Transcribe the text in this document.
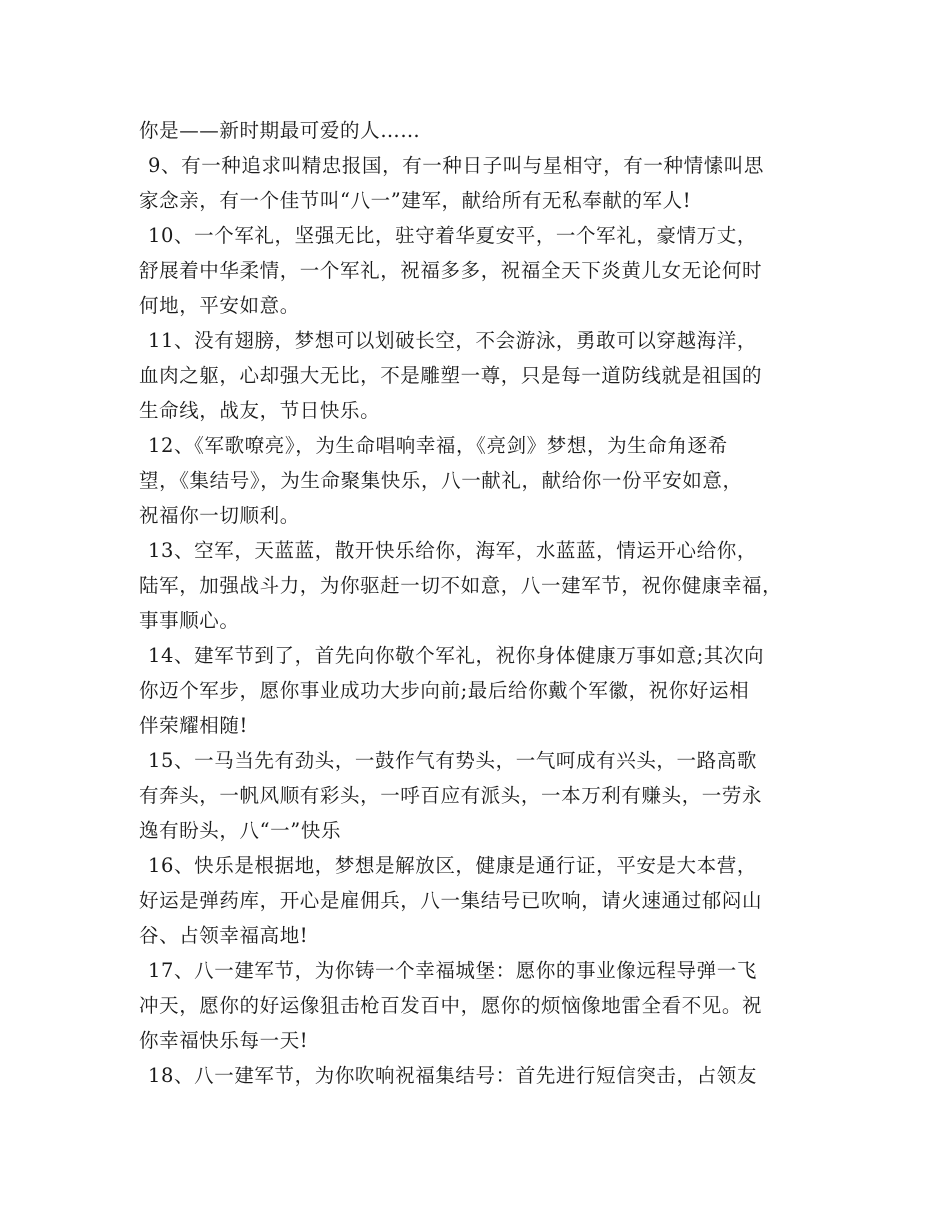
你是——新时期最可爱的人……
9、有一种追求叫精忠报国，有一种日子叫与星相守，有一种情愫叫思
家念亲，有一个佳节叫“八一”建军，献给所有无私奉献的军人!
10、一个军礼，坚强无比，驻守着华夏安平，一个军礼，豪情万丈，
舒展着中华柔情，一个军礼，祝福多多，祝福全天下炎黄儿女无论何时
何地，平安如意。
11、没有翅膀，梦想可以划破长空，不会游泳，勇敢可以穿越海洋，
血肉之躯，心却强大无比，不是雕塑一尊，只是每一道防线就是祖国的
生命线，战友，节日快乐。
12、《军歌嘹亮》，为生命唱响幸福，《亮剑》梦想，为生命角逐希
望，《集结号》，为生命聚集快乐，八一献礼，献给你一份平安如意，
祝福你一切顺利。
13、空军，天蓝蓝，散开快乐给你，海军，水蓝蓝，情运开心给你，
陆军，加强战斗力，为你驱赶一切不如意，八一建军节，祝你健康幸福，
事事顺心。
14、建军节到了，首先向你敬个军礼，祝你身体健康万事如意;其次向
你迈个军步，愿你事业成功大步向前;最后给你戴个军徽，祝你好运相
伴荣耀相随!
15、一马当先有劲头，一鼓作气有势头，一气呵成有兴头，一路高歌
有奔头，一帆风顺有彩头，一呼百应有派头，一本万利有赚头，一劳永
逸有盼头，八“一”快乐
16、快乐是根据地，梦想是解放区，健康是通行证，平安是大本营，
好运是弹药库，开心是雇佣兵，八一集结号已吹响，请火速通过郁闷山
谷、占领幸福高地!
17、八一建军节，为你铸一个幸福城堡：愿你的事业像远程导弹一飞
冲天，愿你的好运像狙击枪百发百中，愿你的烦恼像地雷全看不见。祝
你幸福快乐每一天!
18、八一建军节，为你吹响祝福集结号：首先进行短信突击，占领友
